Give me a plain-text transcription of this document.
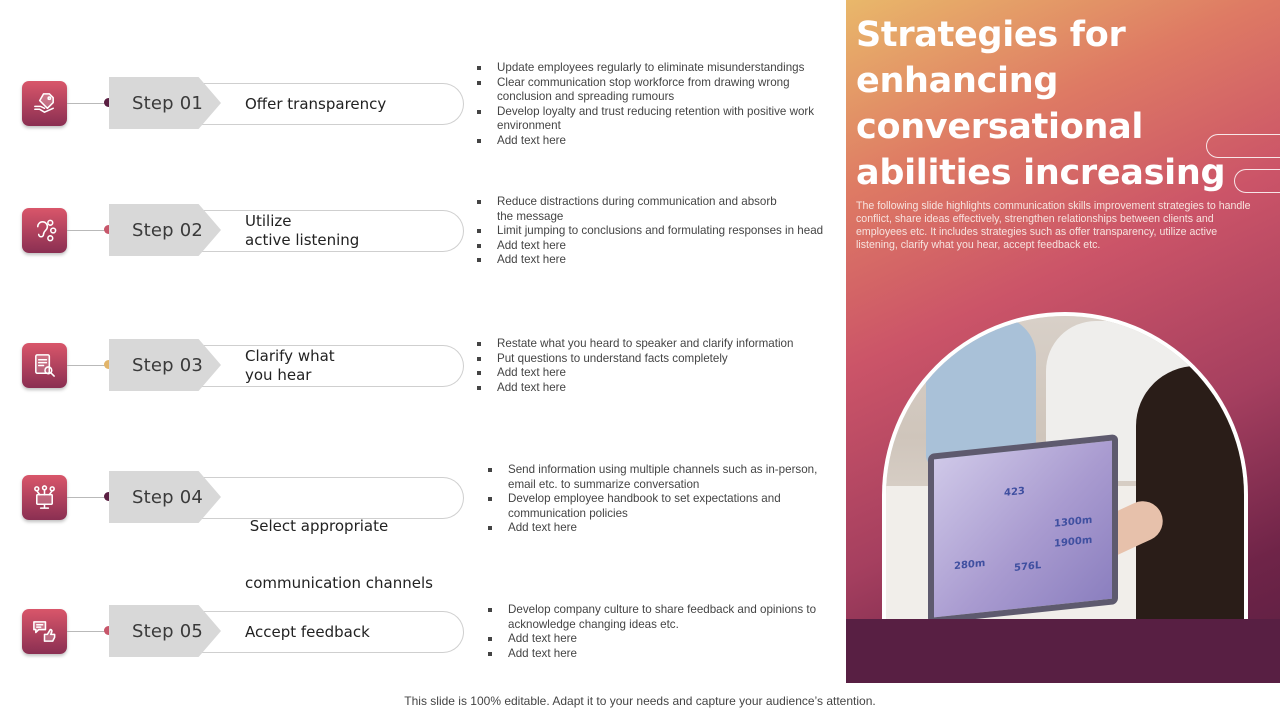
Step 01	Offer transparency
Update employees regularly to eliminate misunderstandings
Clear communication stop workforce from drawing wrong conclusion and spreading rumours
Develop loyalty and trust reducing retention with positive work environment
Add text here
Step 02	Utilize
active listening
Reduce distractions during communication and absorb the message
Limit jumping to conclusions and formulating responses in head
Add text here
Add text here
Step 03	Clarify what
you hear
Restate what you heard to speaker and clarify information
Put questions to understand facts completely
Add text here
Add text here
Step 04

Select appropriate

communication channels

Send information using multiple channels such as in-person, email etc. to summarize conversation
Develop employee handbook to set expectations and communication policies
Add text here
Step 05	Accept feedback
Develop company culture to share feedback and opinions to acknowledge changing ideas etc.
Add text here
Add text here
Strategies for enhancing conversational abilities increasing
The following slide highlights communication skills improvement strategies to handle conflict, share ideas effectively, strengthen relationships between clients and employees etc. It includes strategies such as offer transparency, utilize active listening, clarify what you hear, accept feedback etc.
423
1300m
280m
1900m
576L
This slide is 100% editable. Adapt it to your needs and capture your audience’s attention.
